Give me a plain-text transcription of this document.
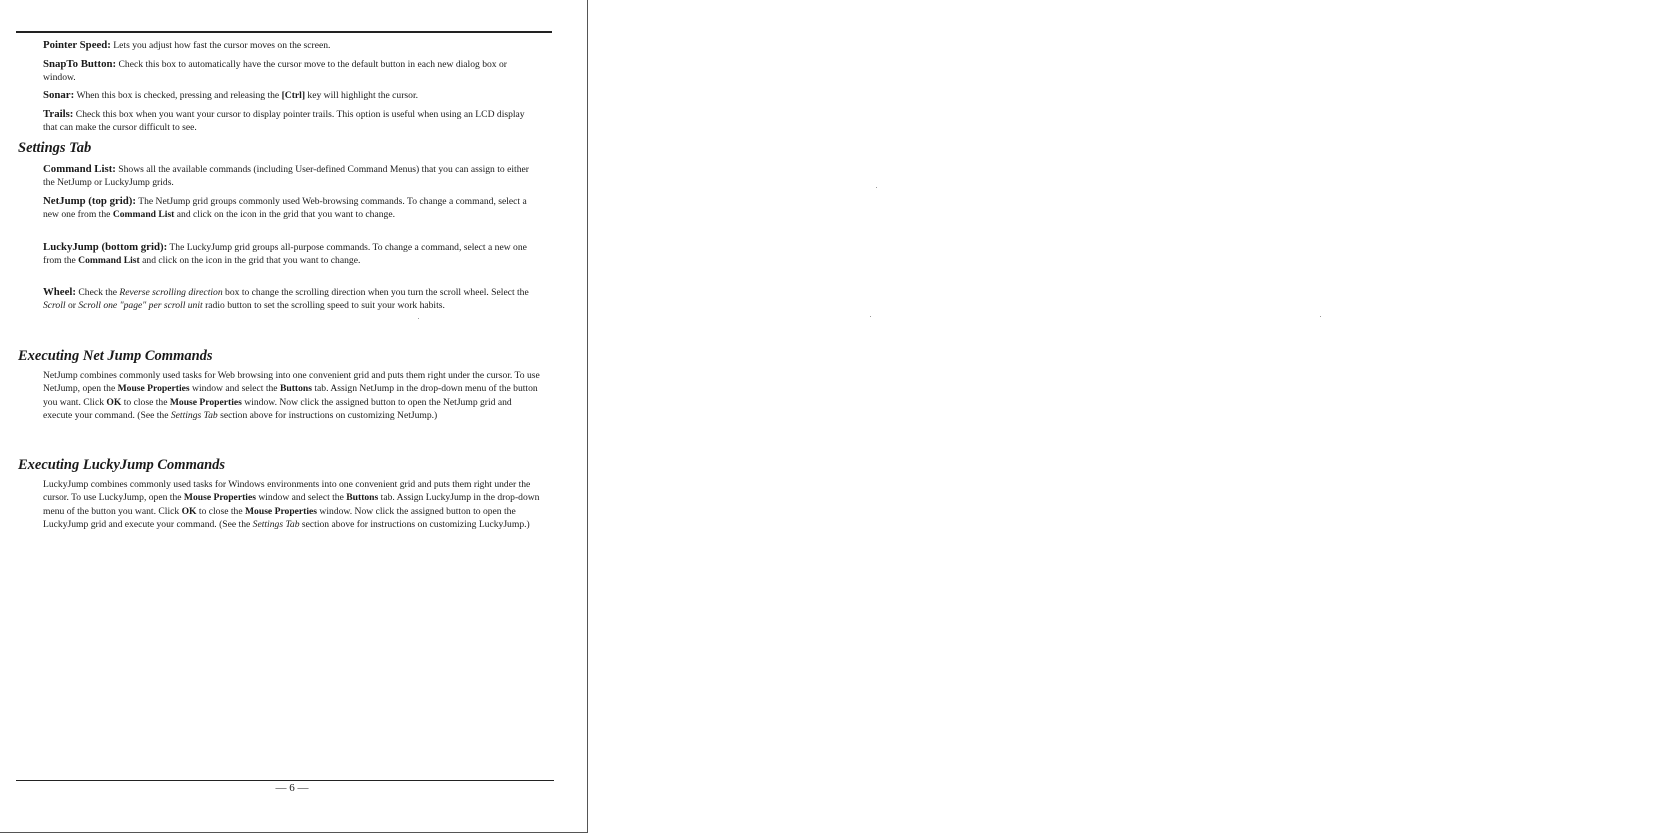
Pointer Speed: Lets you adjust how fast the cursor moves on the screen.
SnapTo Button: Check this box to automatically have the cursor move to the default button in each new dialog box or window.
Sonar: When this box is checked, pressing and releasing the [Ctrl] key will highlight the cursor.
Trails: Check this box when you want your cursor to display pointer trails. This option is useful when using an LCD display that can make the cursor difficult to see.
Settings Tab
Command List: Shows all the available commands (including User-defined Command Menus) that you can assign to either the NetJump or LuckyJump grids.
NetJump (top grid): The NetJump grid groups commonly used Web-browsing commands. To change a command, select a new one from the Command List and click on the icon in the grid that you want to change.
LuckyJump (bottom grid): The LuckyJump grid groups all-purpose commands. To change a command, select a new one from the Command List and click on the icon in the grid that you want to change.
Wheel: Check the Reverse scrolling direction box to change the scrolling direction when you turn the scroll wheel. Select the Scroll or Scroll one "page" per scroll unit radio button to set the scrolling speed to suit your work habits.
Executing Net Jump Commands
NetJump combines commonly used tasks for Web browsing into one convenient grid and puts them right under the cursor. To use NetJump, open the Mouse Properties window and select the Buttons tab. Assign NetJump in the drop-down menu of the button you want. Click OK to close the Mouse Properties window. Now click the assigned button to open the NetJump grid and execute your command. (See the Settings Tab section above for instructions on customizing NetJump.)
Executing LuckyJump Commands
LuckyJump combines commonly used tasks for Windows environments into one convenient grid and puts them right under the cursor. To use LuckyJump, open the Mouse Properties window and select the Buttons tab. Assign LuckyJump in the drop-down menu of the button you want. Click OK to close the Mouse Properties window. Now click the assigned button to open the LuckyJump grid and execute your command. (See the Settings Tab section above for instructions on customizing LuckyJump.)
— 6 —
